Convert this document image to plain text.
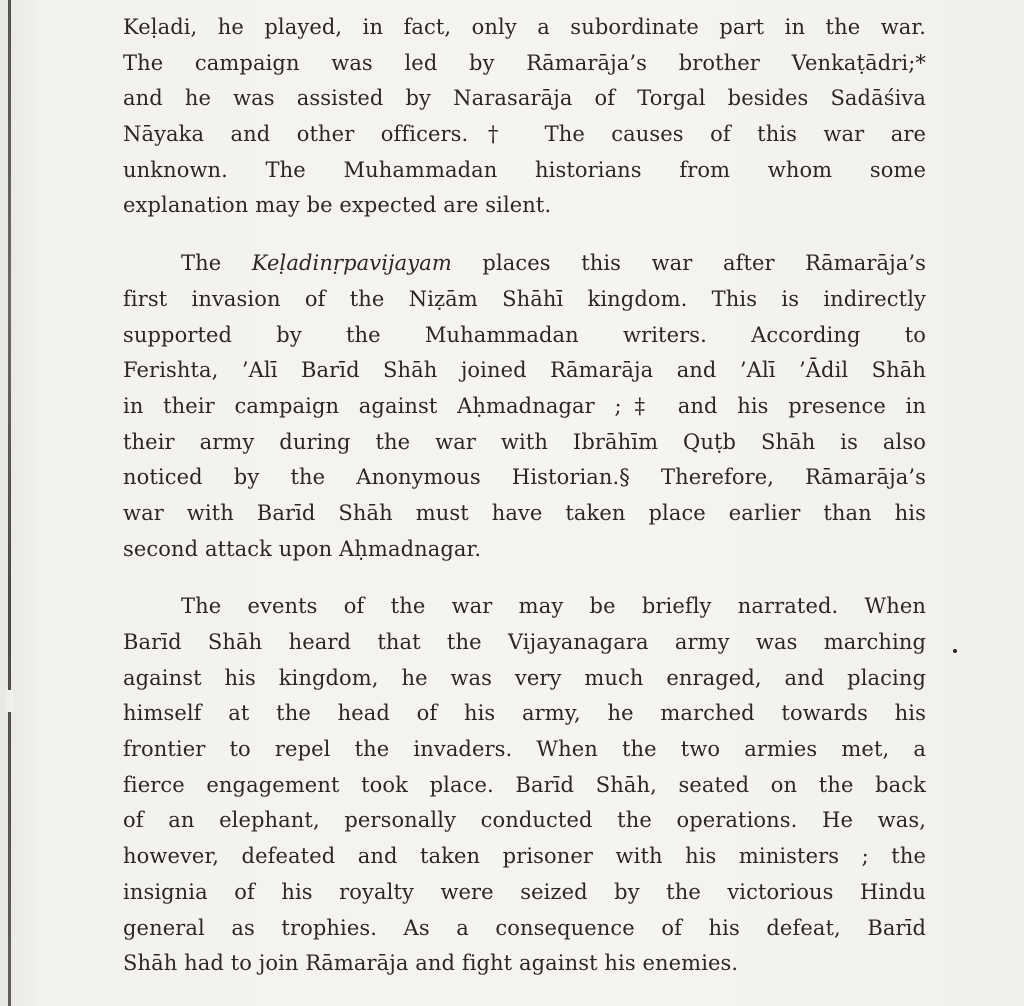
Keḷadi, he played, in fact, only a subordinate part in the war.
The campaign was led by Rāmarāja’s brother Venkaṭādri;*
and he was assisted by Narasarāja of Torgal besides Sadāśiva
Nāyaka and other officers.† The causes of this war are
unknown. The Muhammadan historians from whom some
explanation may be expected are silent.
The Keḷadinṛpavijayam places this war after Rāmarāja’s
first invasion of the Niẓām Shāhī kingdom. This is indirectly
supported by the Muhammadan writers. According to
Ferishta, ’Alī Barīd Shāh joined Rāmarāja and ’Alī ’Ādil Shāh
in their campaign against Aḥmadnagar ;‡ and his presence in
their army during the war with Ibrāhīm Quṭb Shāh is also
noticed by the Anonymous Historian.§ Therefore, Rāmarāja’s
war with Barīd Shāh must have taken place earlier than his
second attack upon Aḥmadnagar.
The events of the war may be briefly narrated. When
Barīd Shāh heard that the Vijayanagara army was marching
against his kingdom, he was very much enraged, and placing
himself at the head of his army, he marched towards his
frontier to repel the invaders. When the two armies met, a
fierce engagement took place. Barīd Shāh, seated on the back
of an elephant, personally conducted the operations. He was,
however, defeated and taken prisoner with his ministers ; the
insignia of his royalty were seized by the victorious Hindu
general as trophies. As a consequence of his defeat, Barīd
Shāh had to join Rāmarāja and fight against his enemies.
